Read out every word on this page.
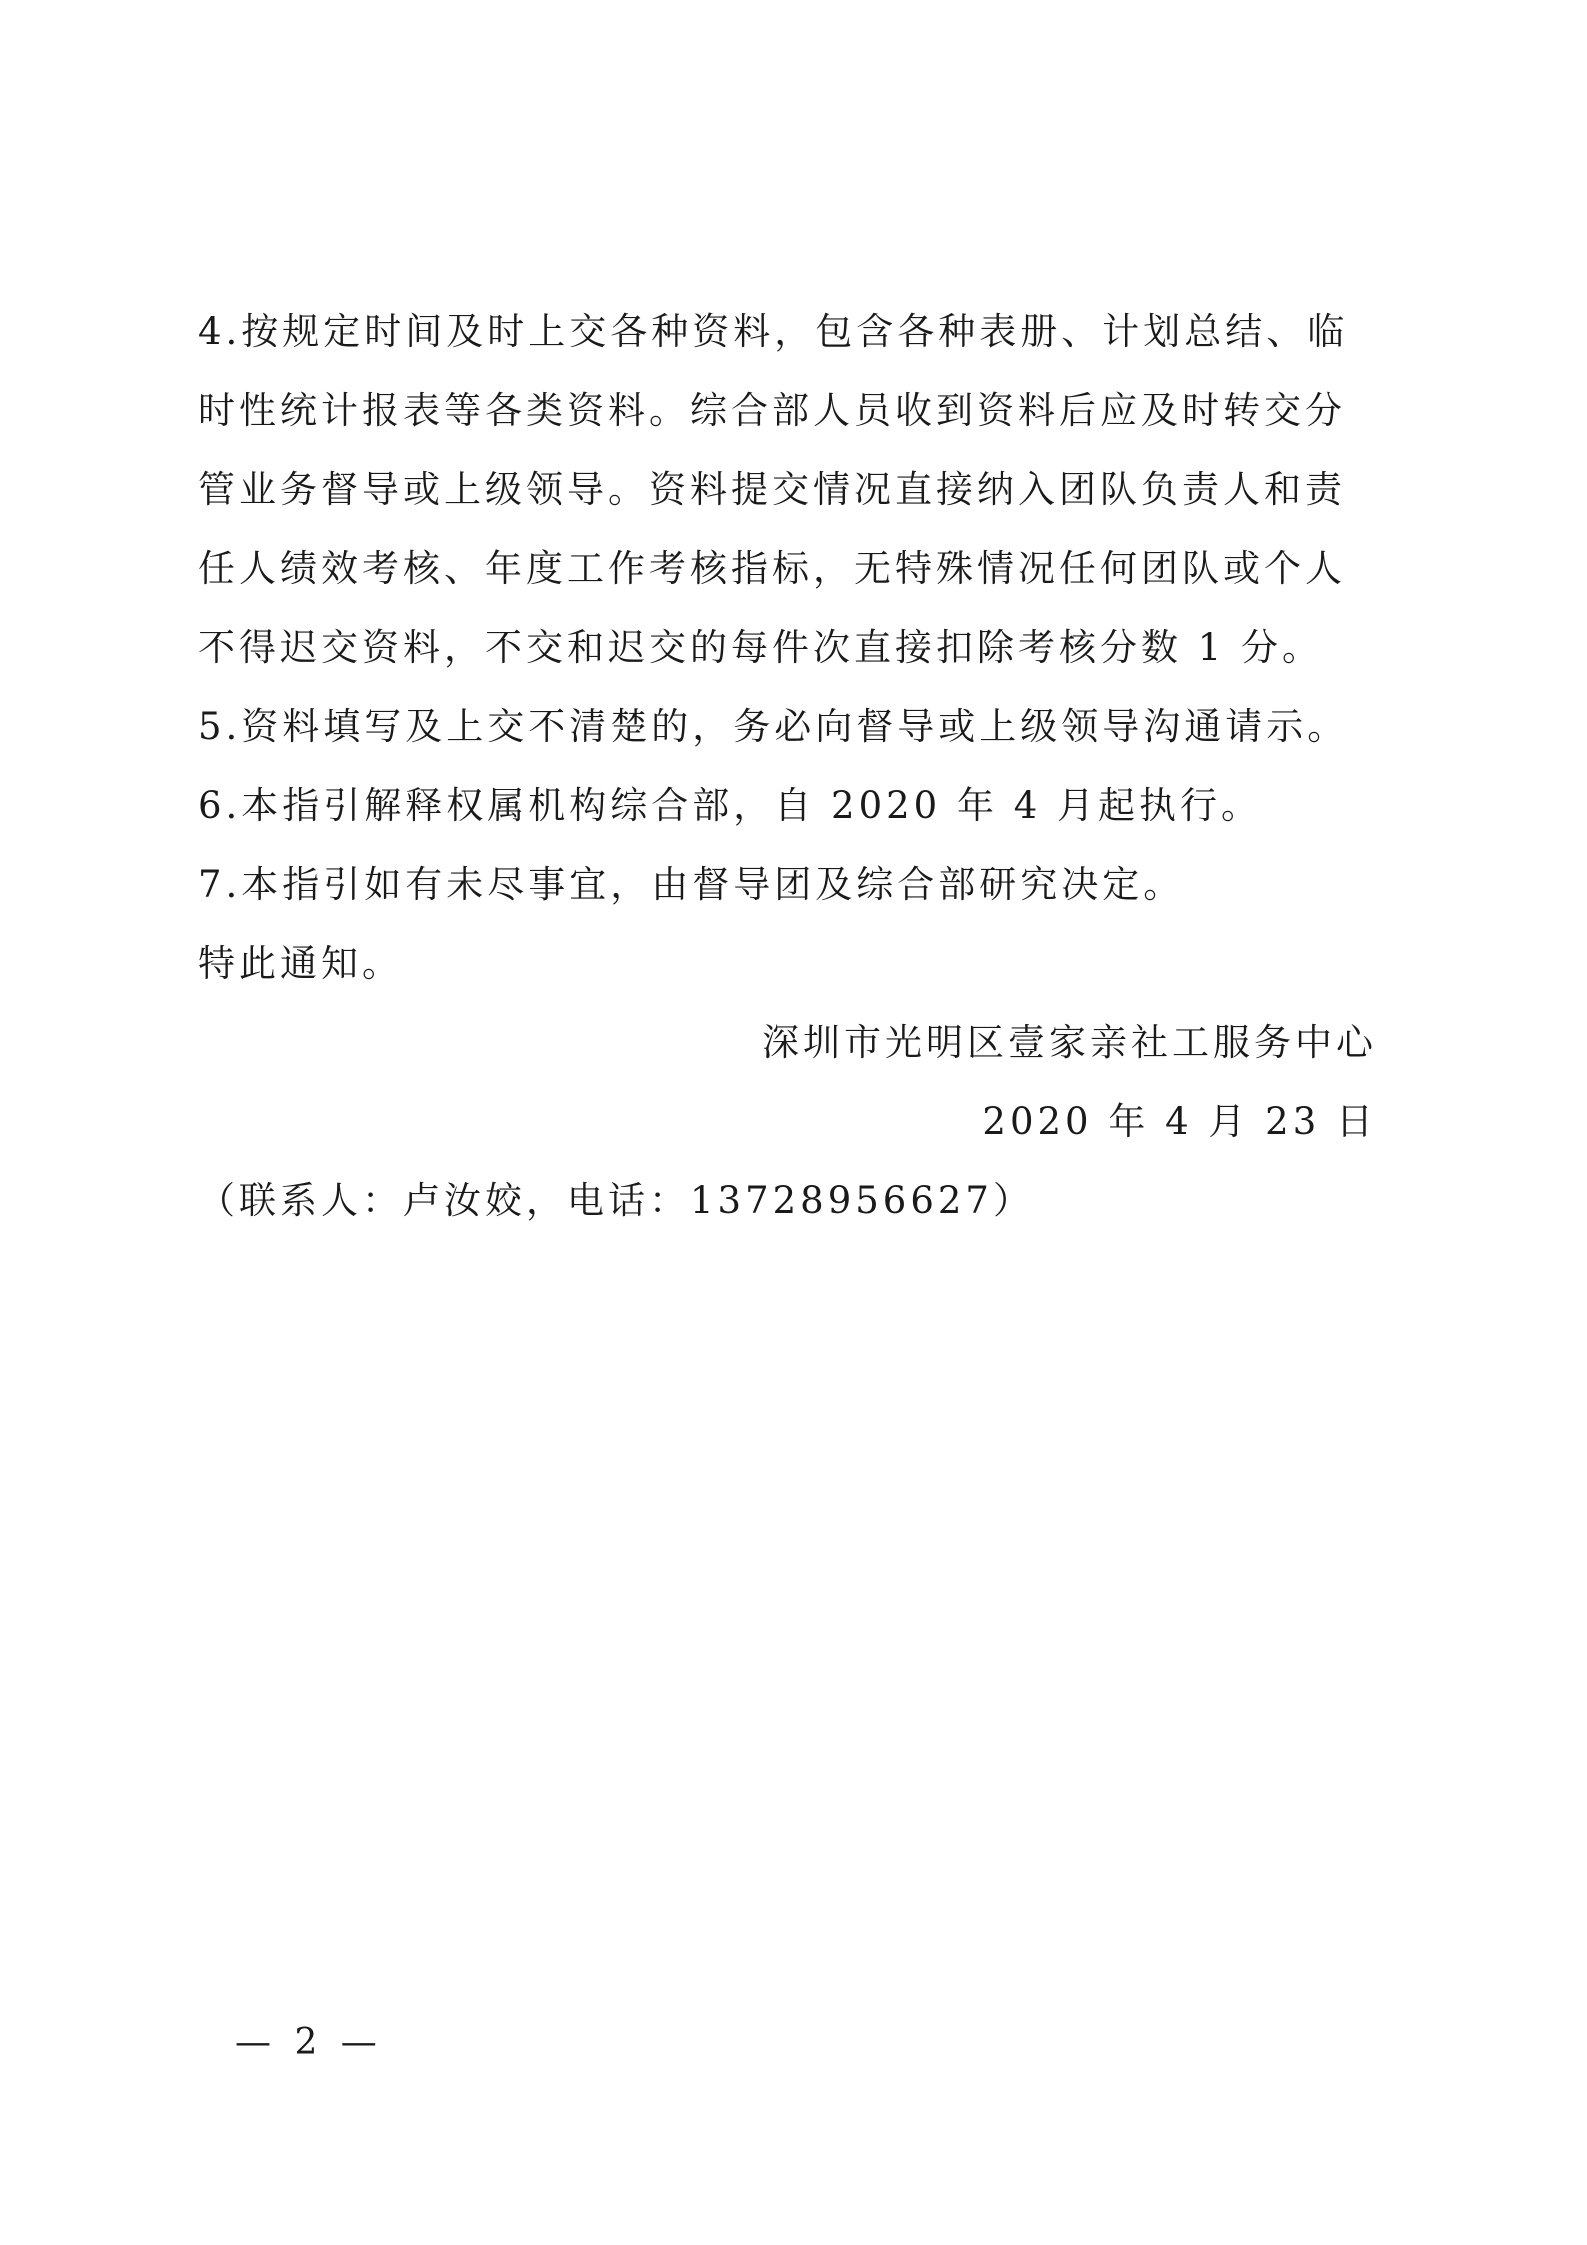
4.按规定时间及时上交各种资料，包含各种表册、计划总结、临时性统计报表等各类资料。综合部人员收到资料后应及时转交分管业务督导或上级领导。资料提交情况直接纳入团队负责人和责任人绩效考核、年度工作考核指标，无特殊情况任何团队或个人不得迟交资料，不交和迟交的每件次直接扣除考核分数 1 分。

5.资料填写及上交不清楚的，务必向督导或上级领导沟通请示。

6.本指引解释权属机构综合部，自 2020 年 4 月起执行。

7.本指引如有未尽事宜，由督导团及综合部研究决定。

特此通知。

深圳市光明区壹家亲社工服务中心

2020 年 4 月 23 日

（联系人：卢汝姣，电话：13728956627）

— 2 —
